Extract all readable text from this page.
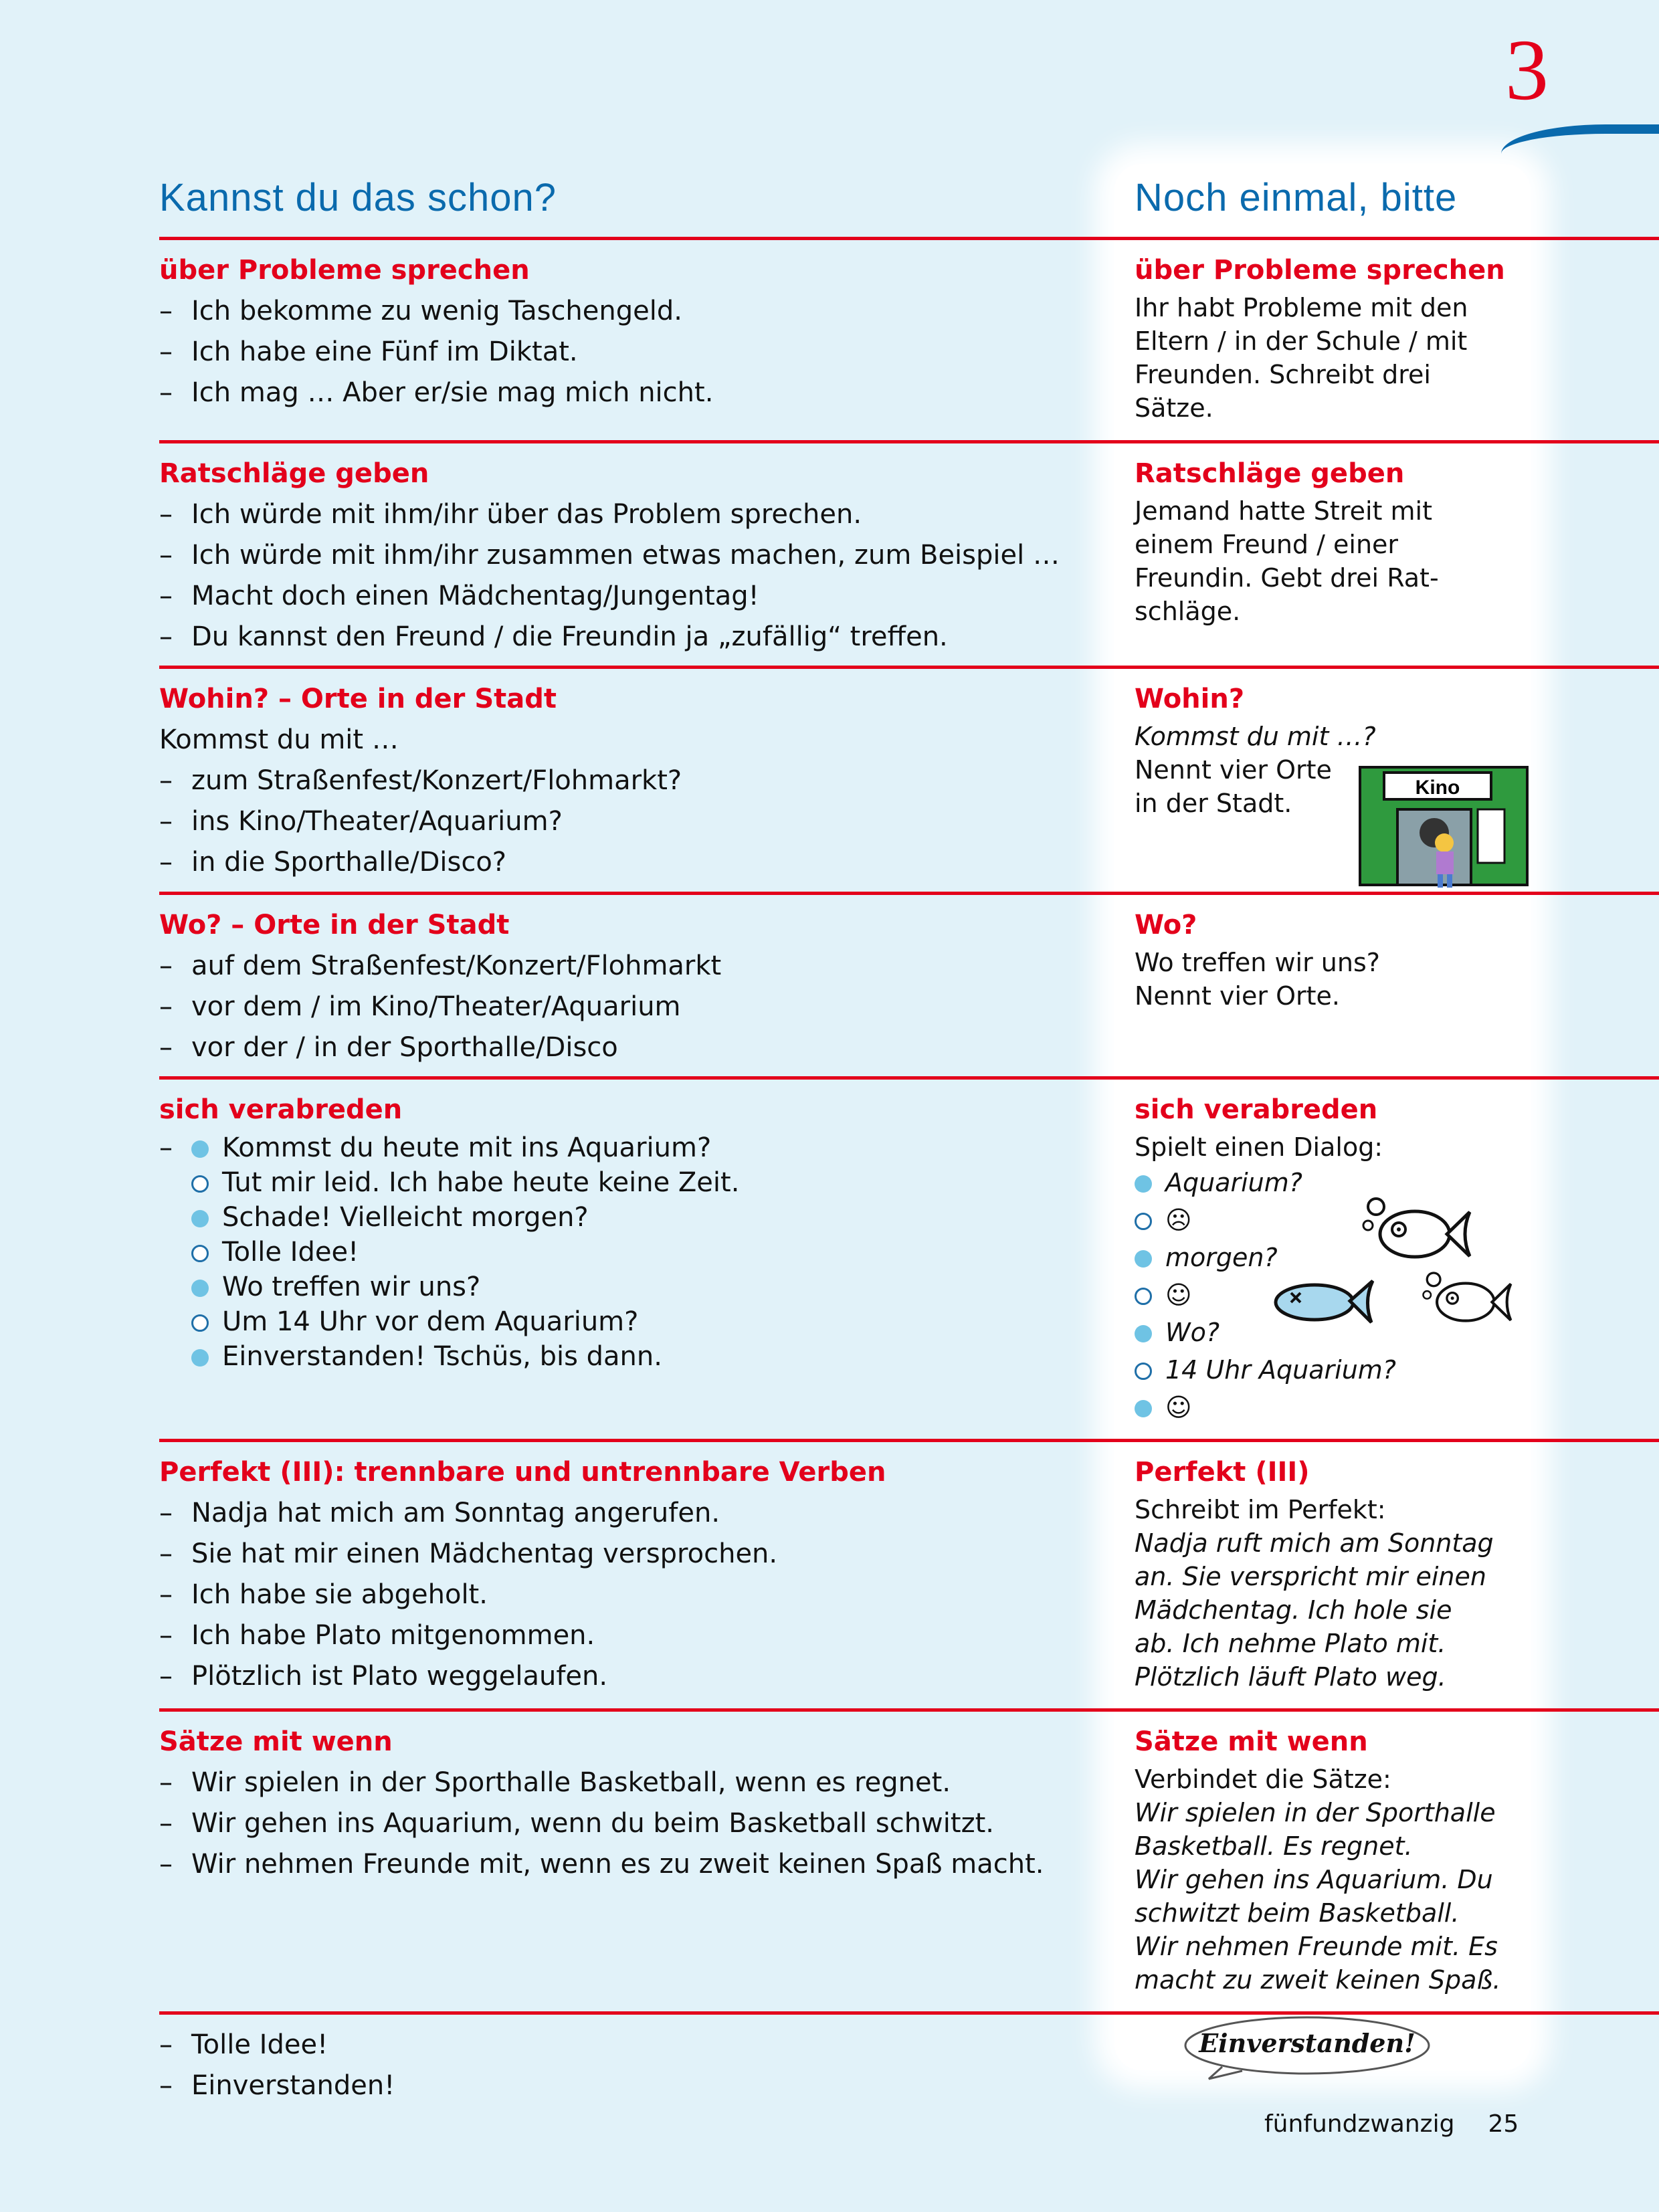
3
Kannst du das schon?	Noch einmal, bitte
über Probleme sprechen
– Ich bekomme zu wenig Taschengeld.
– Ich habe eine Fünf im Diktat.
– Ich mag … Aber er/sie mag mich nicht.
über Probleme sprechen
Ihr habt Probleme mit den
Eltern / in der Schule / mit
Freunden. Schreibt drei
Sätze.
Ratschläge geben
– Ich würde mit ihm/ihr über das Problem sprechen.
– Ich würde mit ihm/ihr zusammen etwas machen, zum Beispiel …
– Macht doch einen Mädchentag/Jungentag!
– Du kannst den Freund / die Freundin ja „zufällig“ treffen.
Ratschläge geben
Jemand hatte Streit mit
einem Freund / einer
Freundin. Gebt drei Rat-
schläge.
Wohin? – Orte in der Stadt
Kommst du mit …
– zum Straßenfest/Konzert/Flohmarkt?
– ins Kino/Theater/Aquarium?
– in die Sporthalle/Disco?
Wohin?
Kommst du mit …?
Nennt vier Orte
in der Stadt.
Wo? – Orte in der Stadt
– auf dem Straßenfest/Konzert/Flohmarkt
– vor dem / im Kino/Theater/Aquarium
– vor der / in der Sporthalle/Disco
Wo?
Wo treffen wir uns?
Nennt vier Orte.
sich verabreden
– Kommst du heute mit ins Aquarium?
Tut mir leid. Ich habe heute keine Zeit.
Schade! Vielleicht morgen?
Tolle Idee!
Wo treffen wir uns?
Um 14 Uhr vor dem Aquarium?
Einverstanden! Tschüs, bis dann.
sich verabreden
Spielt einen Dialog:
Aquarium?
☹
morgen?
☺
Wo?
14 Uhr Aquarium?
☺
Perfekt (III): trennbare und untrennbare Verben
– Nadja hat mich am Sonntag angerufen.
– Sie hat mir einen Mädchentag versprochen.
– Ich habe sie abgeholt.
– Ich habe Plato mitgenommen.
– Plötzlich ist Plato weggelaufen.
Perfekt (III)
Schreibt im Perfekt:
Nadja ruft mich am Sonntag
an. Sie verspricht mir einen
Mädchentag. Ich hole sie
ab. Ich nehme Plato mit.
Plötzlich läuft Plato weg.
Sätze mit wenn
– Wir spielen in der Sporthalle Basketball, wenn es regnet.
– Wir gehen ins Aquarium, wenn du beim Basketball schwitzt.
– Wir nehmen Freunde mit, wenn es zu zweit keinen Spaß macht.
Sätze mit wenn
Verbindet die Sätze:
Wir spielen in der Sporthalle
Basketball. Es regnet.
Wir gehen ins Aquarium. Du
schwitzt beim Basketball.
Wir nehmen Freunde mit. Es
macht zu zweit keinen Spaß.
– Tolle Idee!
– Einverstanden!
Kino
Einverstanden!
fünfundzwanzig 25
